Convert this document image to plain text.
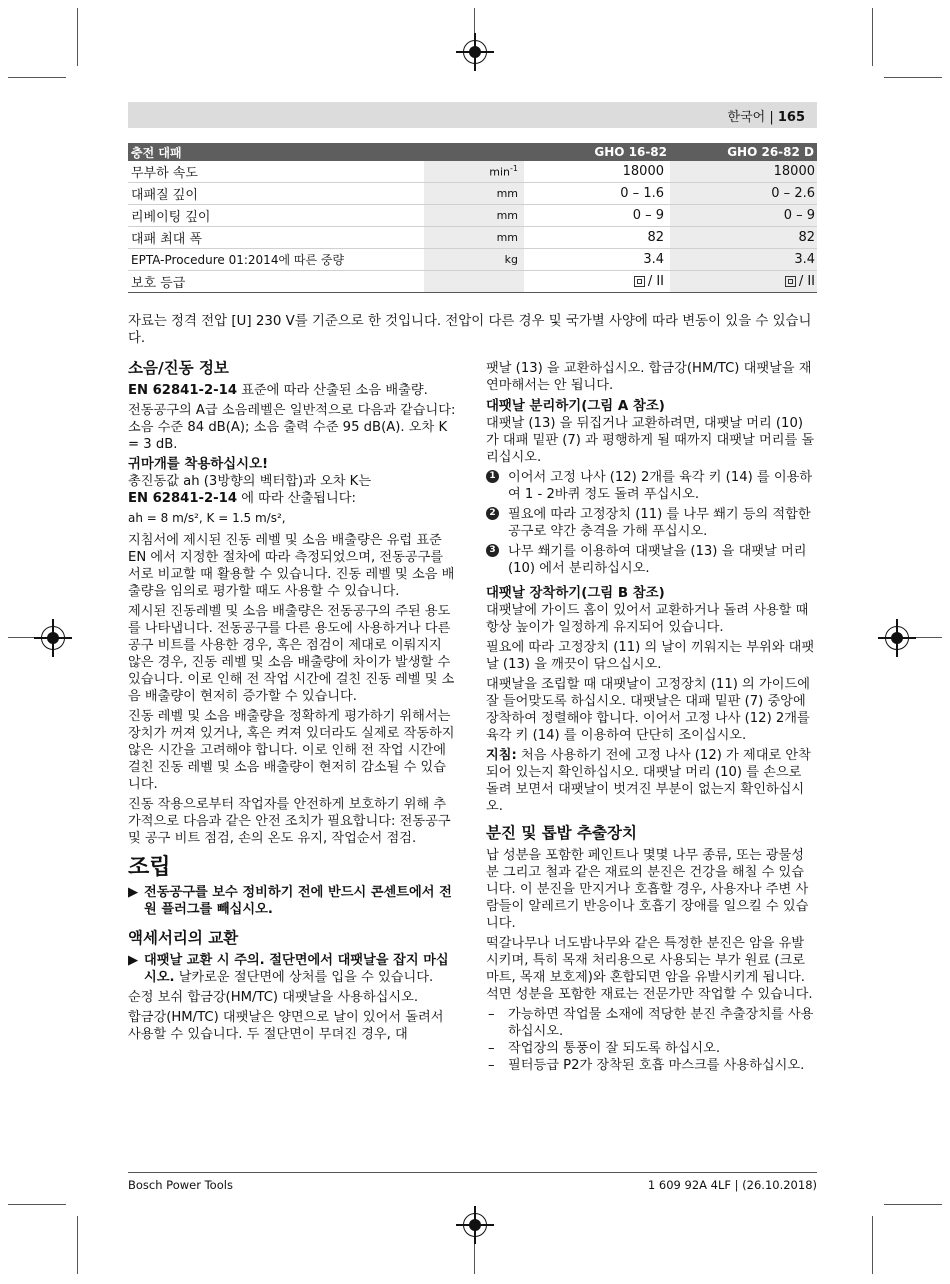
한국어 | 165
충전 대패		GHO 16-82	GHO 26-82 D
무부하 속도	$\min^{-1}$	18000	18000
대패질 깊이	mm	0 – 1.6	0 – 2.6
리베이팅 깊이	mm	0 – 9	0 – 9
대패 최대 폭	mm	82	82
EPTA-Procedure 01:2014에 따른 중량	kg	3.4	3.4
보호 등급		/ II	/ II
자료는 정격 전압 [U] 230 V를 기준으로 한 것입니다. 전압이 다른 경우 및 국가별 사양에 따라 변동이 있을 수 있습니다.
소음/진동 정보

EN 62841-2-14 표준에 따라 산출된 소음 배출량.

전동공구의 A급 소음레벨은 일반적으로 다음과 같습니다: 소음 수준 84 dB(A); 소음 출력 수준 95 dB(A). 오차 K = 3 dB.

귀마개를 착용하십시오!

총진동값 ah (3방향의 벡터합)과 오차 K는

EN 62841-2-14 에 따라 산출됩니다:

ah = 8 m/s², K = 1.5 m/s²,

지침서에 제시된 진동 레벨 및 소음 배출량은 유럽 표준 EN 에서 지정한 절차에 따라 측정되었으며, 전동공구를 서로 비교할 때 활용할 수 있습니다. 진동 레벨 및 소음 배출량을 임의로 평가할 때도 사용할 수 있습니다.

제시된 진동레벨 및 소음 배출량은 전동공구의 주된 용도를 나타냅니다. 전동공구를 다른 용도에 사용하거나 다른 공구 비트를 사용한 경우, 혹은 점검이 제대로 이뤄지지 않은 경우, 진동 레벨 및 소음 배출량에 차이가 발생할 수 있습니다. 이로 인해 전 작업 시간에 걸친 진동 레벨 및 소음 배출량이 현저히 증가할 수 있습니다.

진동 레벨 및 소음 배출량을 정확하게 평가하기 위해서는 장치가 꺼져 있거나, 혹은 켜져 있더라도 실제로 작동하지 않은 시간을 고려해야 합니다. 이로 인해 전 작업 시간에 걸친 진동 레벨 및 소음 배출량이 현저히 감소될 수 있습니다.

진동 작용으로부터 작업자를 안전하게 보호하기 위해 추가적으로 다음과 같은 안전 조치가 필요합니다: 전동공구 및 공구 비트 점검, 손의 온도 유지, 작업순서 점검.

조립
▶ 전동공구를 보수 정비하기 전에 반드시 콘센트에서 전원 플러그를 빼십시오.
액세서리의 교환
▶ 대팻날 교환 시 주의. 절단면에서 대팻날을 잡지 마십시오. 날카로운 절단면에 상처를 입을 수 있습니다.

순정 보쉬 합금강(HM/TC) 대팻날을 사용하십시오.

합금강(HM/TC) 대팻날은 양면으로 날이 있어서 돌려서 사용할 수 있습니다. 두 절단면이 무뎌진 경우, 대

팻날 (13) 을 교환하십시오. 합금강(HM/TC) 대팻날을 재연마해서는 안 됩니다.

대팻날 분리하기(그림 A 참조)

대팻날 (13) 을 뒤집거나 교환하려면, 대팻날 머리 (10) 가 대패 밑판 (7) 과 평행하게 될 때까지 대팻날 머리를 돌리십시오.

1 이어서 고정 나사 (12) 2개를 육각 키 (14) 를 이용하여 1 - 2바퀴 정도 돌려 푸십시오.
2 필요에 따라 고정장치 (11) 를 나무 쐐기 등의 적합한 공구로 약간 충격을 가해 푸십시오.
3 나무 쐐기를 이용하여 대팻날을 (13) 을 대팻날 머리 (10) 에서 분리하십시오.
대팻날 장착하기(그림 B 참조)

대팻날에 가이드 홈이 있어서 교환하거나 돌려 사용할 때 항상 높이가 일정하게 유지되어 있습니다.

필요에 따라 고정장치 (11) 의 날이 끼워지는 부위와 대팻날 (13) 을 깨끗이 닦으십시오.

대팻날을 조립할 때 대팻날이 고정장치 (11) 의 가이드에 잘 들어맞도록 하십시오. 대팻날은 대패 밑판 (7) 중앙에 장착하여 정렬해야 합니다. 이어서 고정 나사 (12) 2개를 육각 키 (14) 를 이용하여 단단히 조이십시오.

지침: 처음 사용하기 전에 고정 나사 (12) 가 제대로 안착되어 있는지 확인하십시오. 대팻날 머리 (10) 를 손으로 돌려 보면서 대팻날이 벗겨진 부분이 없는지 확인하십시오.

분진 및 톱밥 추출장치

납 성분을 포함한 페인트나 몇몇 나무 종류, 또는 광물성분 그리고 철과 같은 재료의 분진은 건강을 해칠 수 있습니다. 이 분진을 만지거나 호흡할 경우, 사용자나 주변 사람들이 알레르기 반응이나 호흡기 장애를 일으킬 수 있습니다.

떡갈나무나 너도밤나무와 같은 특정한 분진은 암을 유발시키며, 특히 목재 처리용으로 사용되는 부가 원료 (크로마트, 목재 보호제)와 혼합되면 암을 유발시키게 됩니다. 석면 성분을 포함한 재료는 전문가만 작업할 수 있습니다.

– 가능하면 작업물 소재에 적당한 분진 추출장치를 사용하십시오.
– 작업장의 통풍이 잘 되도록 하십시오.
– 필터등급 P2가 장착된 호흡 마스크를 사용하십시오.
Bosch Power Tools	1 609 92A 4LF | (26.10.2018)
